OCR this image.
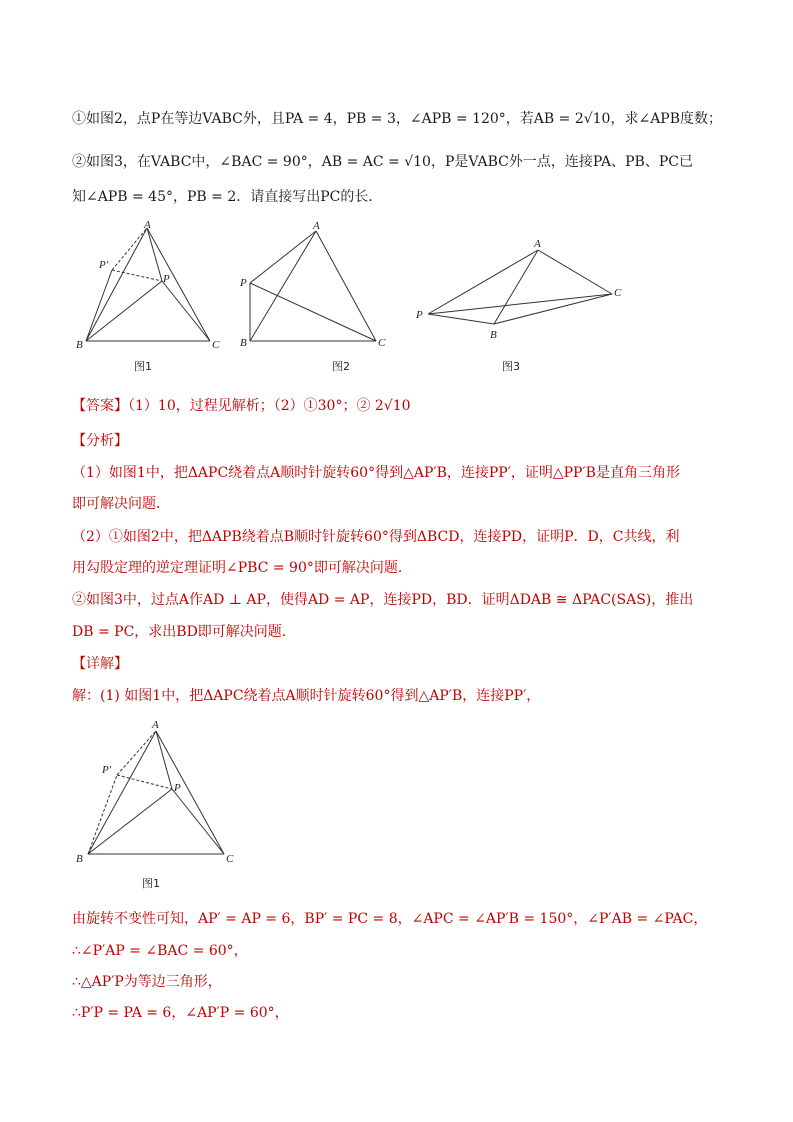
①如图2，点P在等边VABC外，且PA = 4，PB = 3，∠APB = 120°，若AB = 2√10，求∠APB度数；
②如图3，在VABC中，∠BAC = 90°，AB = AC = √10，P是VABC外一点，连接PA、PB、PC已
知∠APB = 45°，PB = 2．请直接写出PC的长．
A
B	C
P
P′
图1
A
B	C
P
图2
A
B
C
P
图3
【答案】（1）10，过程见解析；（2）①30°；② 2√10
【分析】
（1）如图1中，把ΔAPC绕着点A顺时针旋转60°得到△AP′B，连接PP′，证明△PP′B是直角三角形
即可解决问题．
（2）①如图2中，把ΔAPB绕着点B顺时针旋转60°得到ΔBCD，连接PD，证明P．D，C共线，利
用勾股定理的逆定理证明∠PBC = 90°即可解决问题．
②如图3中，过点A作AD ⊥ AP，使得AD = AP，连接PD，BD．证明ΔDAB ≅ ΔPAC(SAS)，推出
DB = PC，求出BD即可解决问题．
【详解】
解：(1) 如图1中，把ΔAPC绕着点A顺时针旋转60°得到△AP′B，连接PP′，
A
B	C
P
P′
图1
由旋转不变性可知，AP′ = AP = 6，BP′ = PC = 8，∠APC = ∠AP′B = 150°，∠P′AB = ∠PAC，
∴∠P′AP = ∠BAC = 60°，
∴△AP′P为等边三角形，
∴P′P = PA = 6，∠AP′P = 60°，
